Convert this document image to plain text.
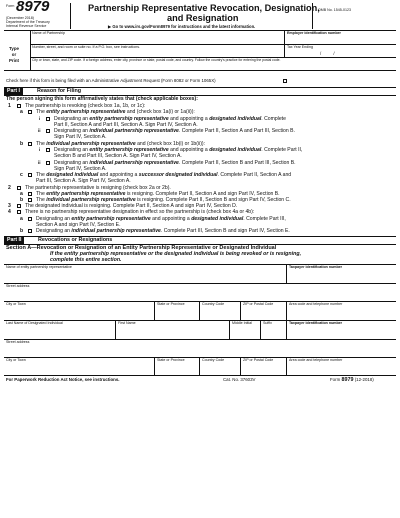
Form 8979
(December 2018)
Department of the Treasury
Internal Revenue Service
Partnership Representative Revocation, Designation,
and Resignation
▶ Go to www.irs.gov/Form8979 for instructions and the latest information.
OMB No. 1545-0123
Type
or
Print
Name of Partnership	Employer identification number
Number, street, and room or suite no. If a P.O. box, see instructions.	Tax Year Ending
/          /
City or town, state, and ZIP code. If a foreign address, enter city, province or state, postal code, and country. Follow the country's practice for entering the postal code.
Check here if this form is being filed with an Administrative Adjustment Request (Form 8082 or Form 1065X)
Part I	Reason for Filing
The person signing this form affirmatively states that (check applicable boxes):
1	The partnership is revoking (check box 1a, 1b, or 1c):
a	The entity partnership representative and (check box 1a(i) or 1a(ii)):
i	Designating an entity partnership representative and appointing a designated individual. Complete
Part II, Section A and Part III, Section A. Sign Part IV, Section A.
ii	Designating an individual partnership representative. Complete Part II, Section A and Part III, Section B.
Sign Part IV, Section A.
b	The individual partnership representative and (check box 1b(i) or 1b(ii)):
i	Designating an entity partnership representative and appointing a designated individual. Complete Part II,
Section B and Part III, Section A. Sign Part IV, Section A.
ii	Designating an individual partnership representative. Complete Part II, Section B and Part III, Section B.
Sign Part IV, Section A.
c	The designated individual and appointing a successor designated individual. Complete Part II, Section A and
Part III, Section A. Sign Part IV, Section A.
2	The partnership representative is resigning (check box 2a or 2b).
a	The entity partnership representative is resigning. Complete Part II, Section A and sign Part IV, Section B.
b	The individual partnership representative is resigning. Complete Part II, Section B and sign Part IV, Section C.
3	The designated individual is resigning. Complete Part II, Section A and sign Part IV, Section D.
4	There is no partnership representative designation in effect so the partnership is (check box 4a or 4b):
a	Designating an entity partnership representative and appointing a designated individual. Complete Part III,
Section A and sign Part IV, Section E.
b	Designating an individual partnership representative. Complete Part III, Section B and sign Part IV, Section E.
Part II	Revocations or Resignations
Section A—Revocation or Resignation of an Entity Partnership Representative or Designated Individual
If the entity partnership representative or the designated individual is being revoked or is resigning,
complete this entire section.
Name of entity partnership representative	Taxpayer identification number
Street address
City or Town	State or Province	Country Code	ZIP or Postal Code	Area code and telephone number
Last Name of Designated Individual	First Name	Middle Initial	Suffix	Taxpayer identification number
Street address
City or Town	State or Province	Country Code	ZIP or Postal Code	Area code and telephone number
For Paperwork Reduction Act Notice, see instructions.	Cat. No. 37603V	Form 8979 (12-2018)
